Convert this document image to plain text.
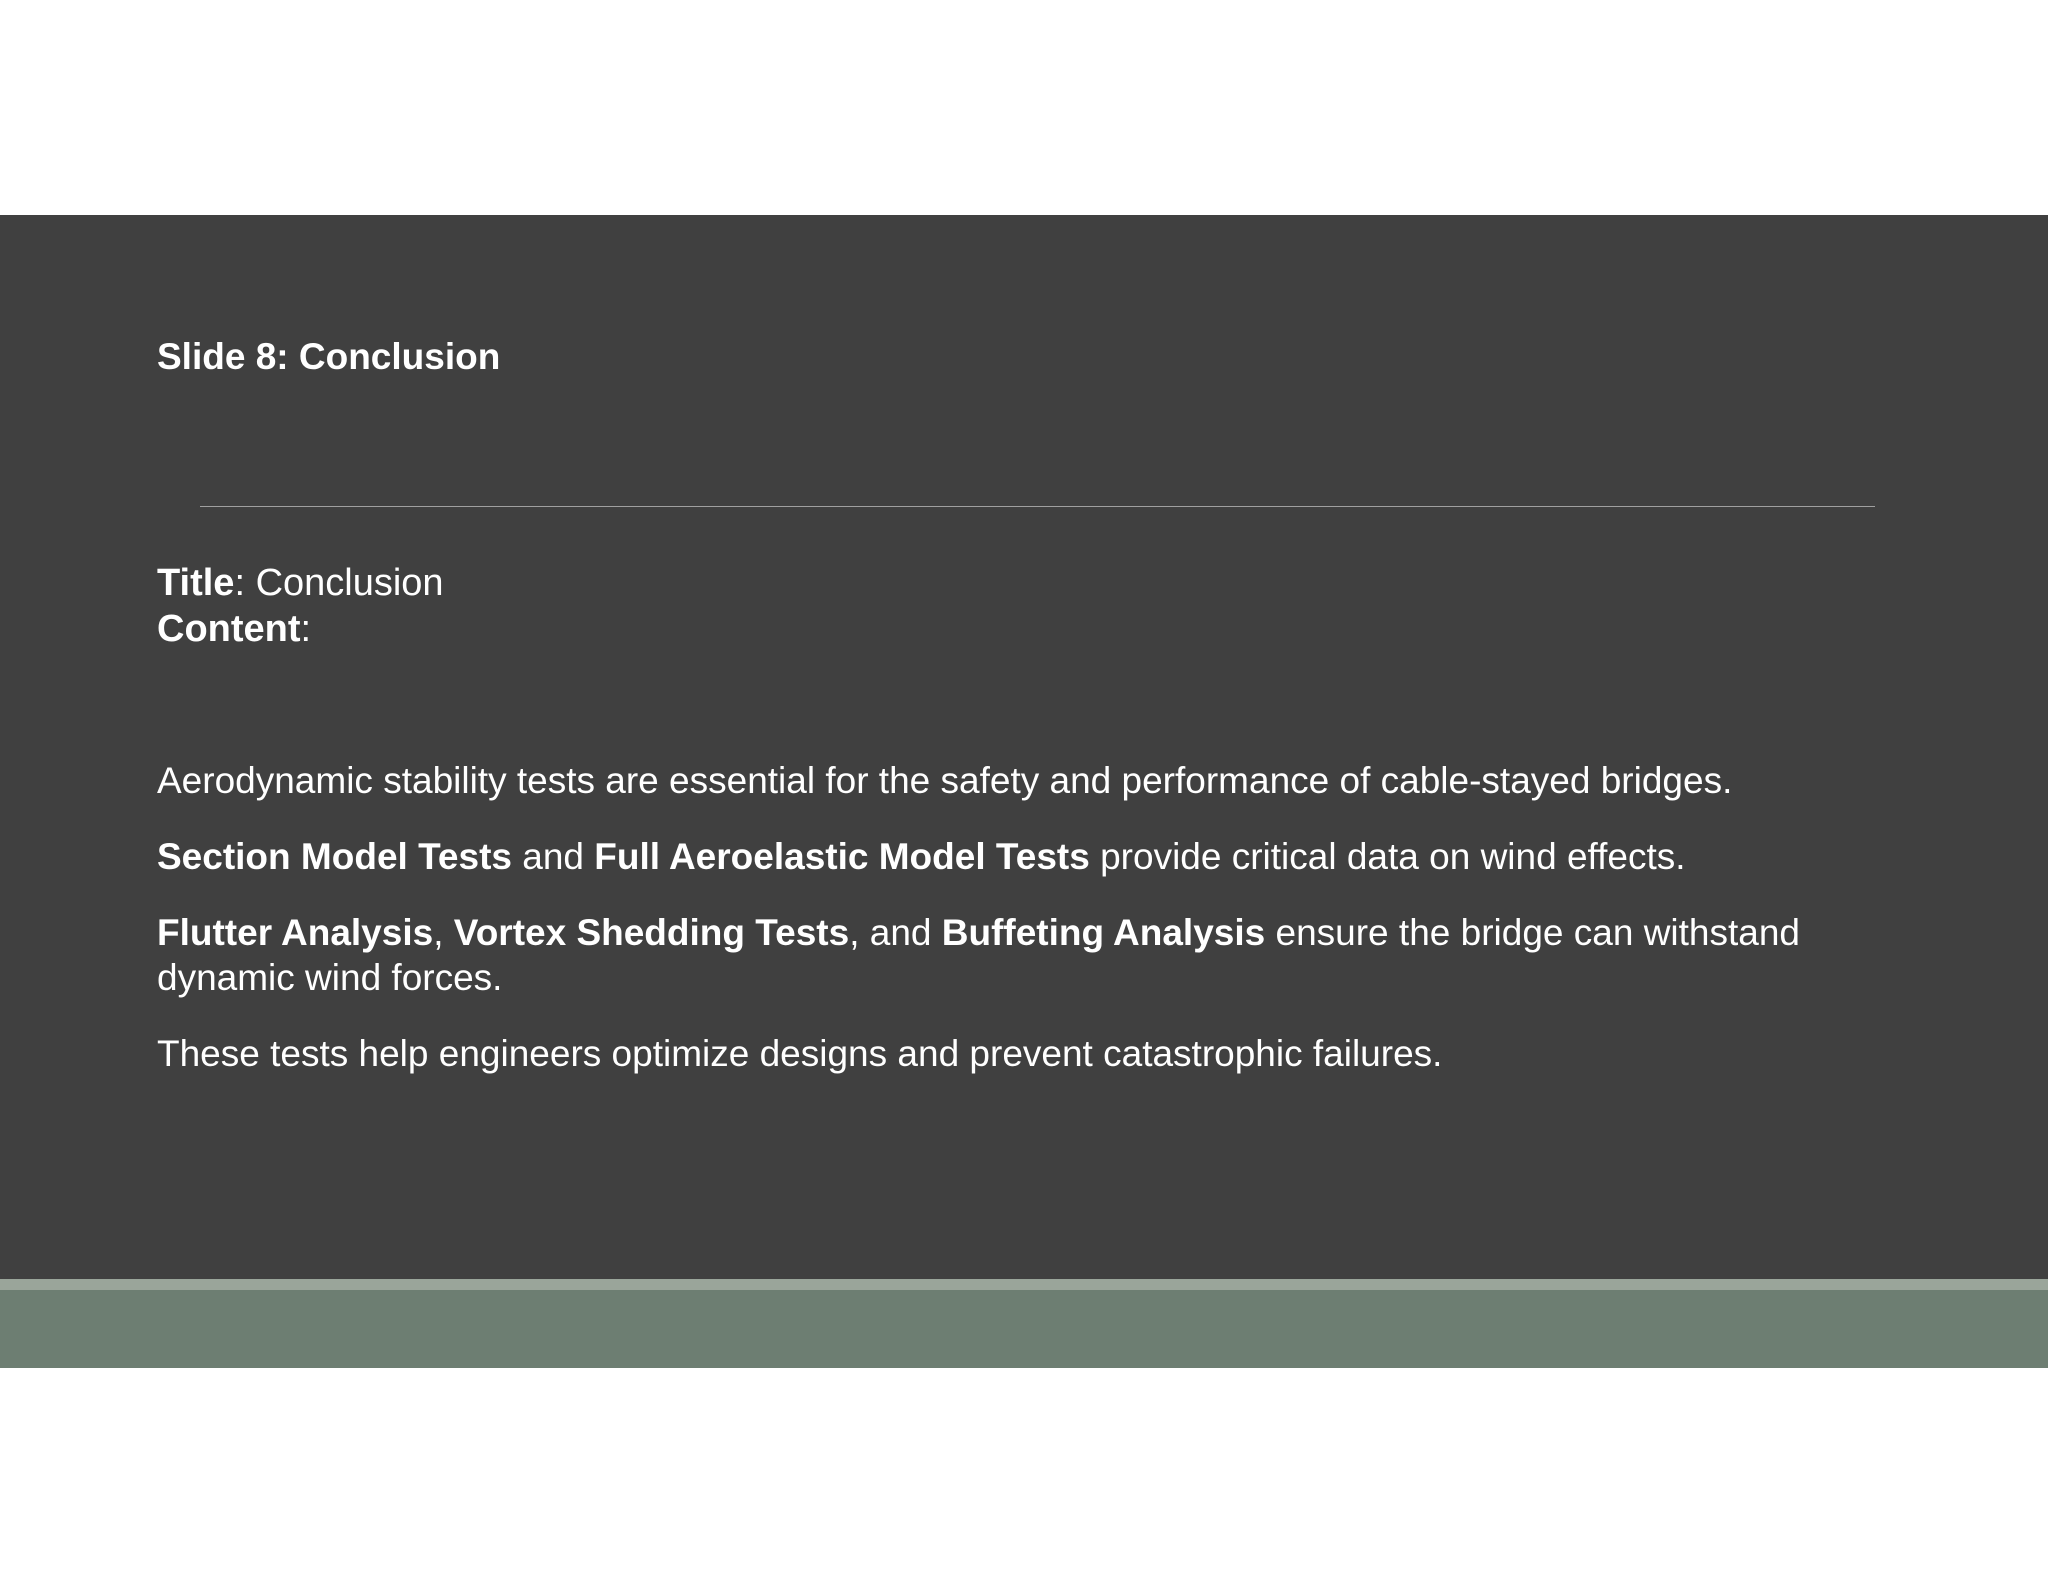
Slide 8: Conclusion
Title: Conclusion
Content:

Aerodynamic stability tests are essential for the safety and performance of cable-stayed bridges.

Section Model Tests and Full Aeroelastic Model Tests provide critical data on wind effects.

Flutter Analysis, Vortex Shedding Tests, and Buffeting Analysis ensure the bridge can withstand dynamic wind forces.

These tests help engineers optimize designs and prevent catastrophic failures.
